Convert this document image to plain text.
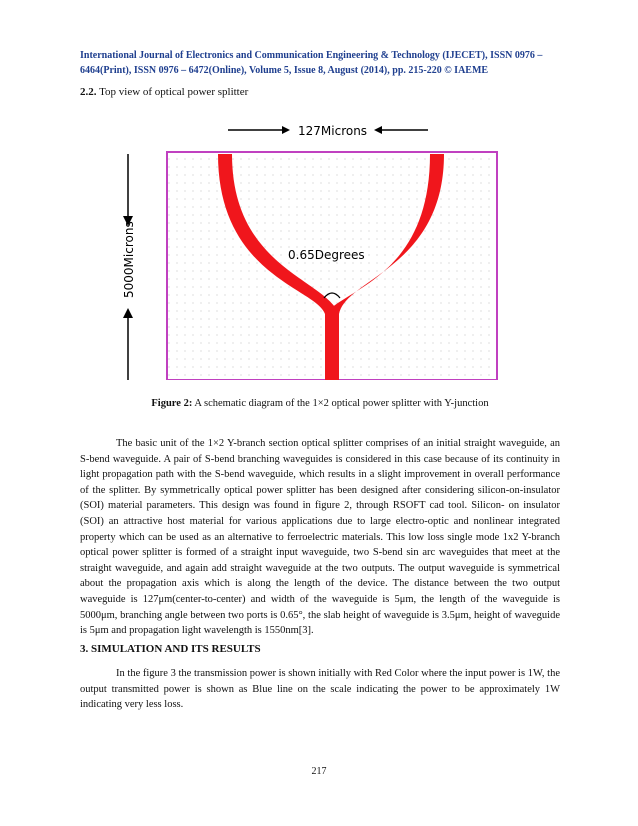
International Journal of Electronics and Communication Engineering & Technology (IJECET), ISSN 0976 – 6464(Print), ISSN 0976 – 6472(Online), Volume 5, Issue 8, August (2014), pp. 215-220 © IAEME
2.2. Top view of optical power splitter
127Microns
5000Microns	0.65Degrees
Figure 2: A schematic diagram of the 1×2 optical power splitter with Y-junction

The basic unit of the 1×2 Y-branch section optical splitter comprises of an initial straight waveguide, an S-bend waveguide. A pair of S-bend branching waveguides is considered in this case because of its continuity in light propagation path with the S-bend waveguide, which results in a slight improvement in overall performance of the splitter. By symmetrically optical power splitter has been designed after considering silicon-on-insulator (SOI) material parameters. This design was found in figure 2, through RSOFT cad tool. Silicon- on insulator (SOI) an attractive host material for various applications due to large electro-optic and nonlinear integrated property which can be used as an alternative to ferroelectric materials. This low loss single mode 1x2 Y-branch optical power splitter is formed of a straight input waveguide, two S-bend sin arc waveguides that meet at the straight waveguide, and again add straight waveguide at the two outputs. The output waveguide is symmetrical about the propagation axis which is along the length of the device. The distance between the two output waveguide is 127μm(center-to-center) and width of the waveguide is 5μm, the length of the waveguide is 5000μm, branching angle between two ports is 0.65°, the slab height of waveguide is 3.5μm, height of waveguide is 5μm and propagation light wavelength is 1550nm[3].

3. SIMULATION AND ITS RESULTS

In the figure 3 the transmission power is shown initially with Red Color where the input power is 1W, the output transmitted power is shown as Blue line on the scale indicating the power to be approximately 1W indicating very less loss.

217
